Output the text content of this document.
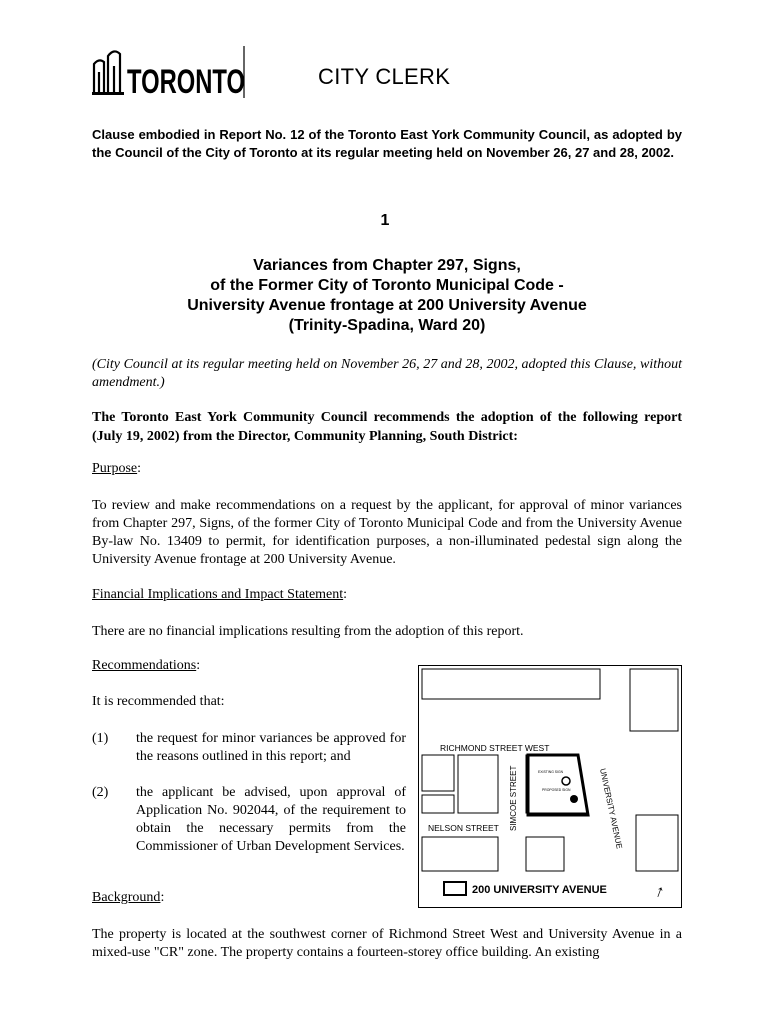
TORONTO	CITY CLERK
Clause embodied in Report No. 12 of the Toronto East York Community Council, as adopted by the Council of the City of Toronto at its regular meeting held on November 26, 27 and 28, 2002.
1
Variances from Chapter 297, Signs,
of the Former City of Toronto Municipal Code -
University Avenue frontage at 200 University Avenue
(Trinity-Spadina, Ward 20)
(City Council at its regular meeting held on November 26, 27 and 28, 2002, adopted this Clause, without amendment.)
The Toronto East York Community Council recommends the adoption of the following report (July 19, 2002) from the Director, Community Planning, South District:
Purpose:
To review and make recommendations on a request by the applicant, for approval of minor variances from Chapter 297, Signs, of the former City of Toronto Municipal Code and from the University Avenue By-law No. 13409 to permit, for identification purposes, a non-illuminated pedestal sign along the University Avenue frontage at 200 University Avenue.
Financial Implications and Impact Statement:
There are no financial implications resulting from the adoption of this report.
Recommendations:
It is recommended that:
(1) the request for minor variances be approved for the reasons outlined in this report; and
(2) the applicant be advised, upon approval of Application No. 902044, of the requirement to obtain the necessary permits from the Commissioner of Urban Development Services.
Background:
The property is located at the southwest corner of Richmond Street West and University Avenue in a mixed-use "CR" zone. The property contains a fourteen-storey office building. An existing
EXISTING SIGN
PROPOSED SIGN
RICHMOND STREET WEST
NELSON STREET SIMCOE STREET	UNIVERSITY AVENUE
200 UNIVERSITY AVENUE	↑
